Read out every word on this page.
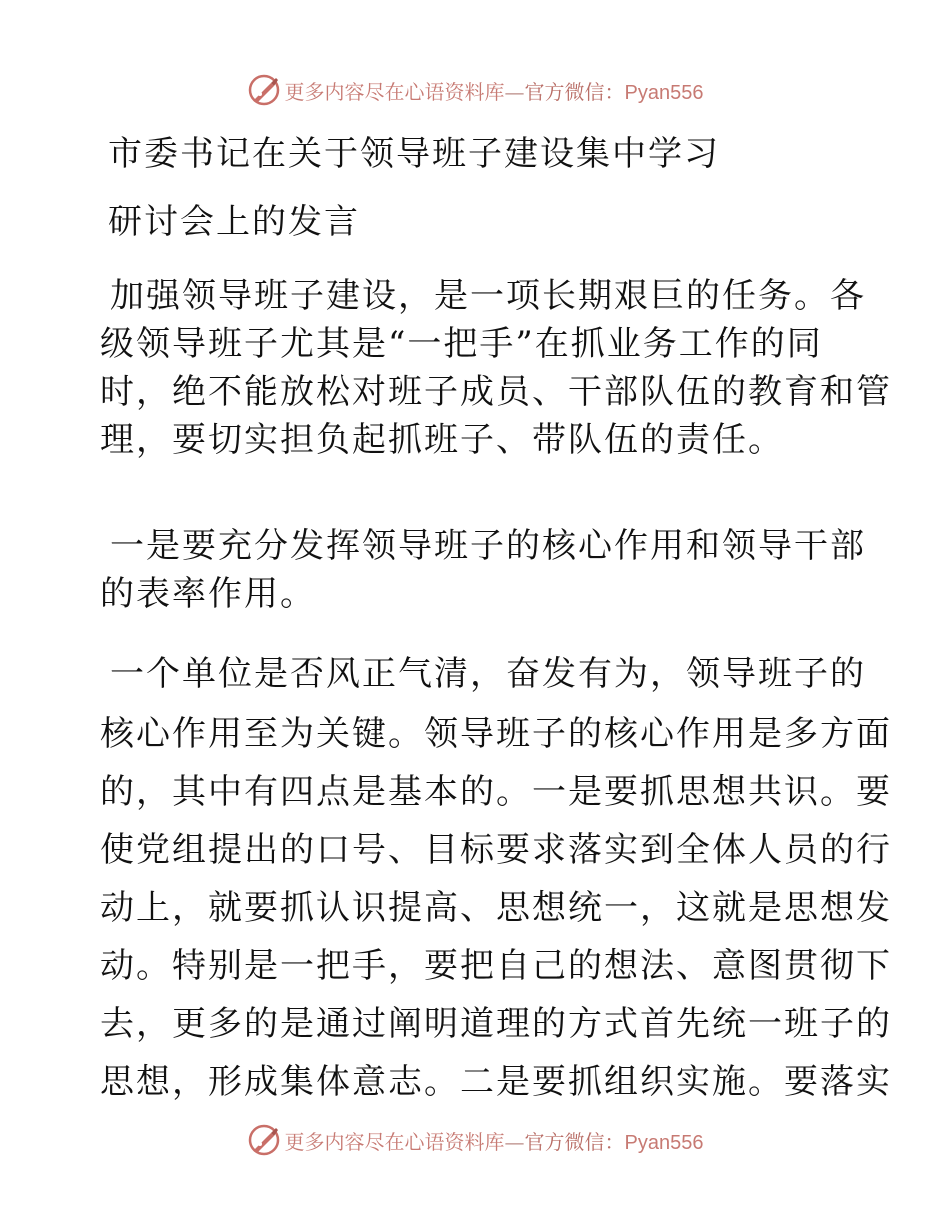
更多内容尽在心语资料库—官方微信：Pyan556
市委书记在关于领导班子建设集中学习
研讨会上的发言
加强领导班子建设，是一项长期艰巨的任务。各
级领导班子尤其是“一把手”在抓业务工作的同
时，绝不能放松对班子成员、干部队伍的教育和管
理，要切实担负起抓班子、带队伍的责任。
一是要充分发挥领导班子的核心作用和领导干部
的表率作用。
一个单位是否风正气清，奋发有为，领导班子的
核心作用至为关键。领导班子的核心作用是多方面
的，其中有四点是基本的。一是要抓思想共识。要
使党组提出的口号、目标要求落实到全体人员的行
动上，就要抓认识提高、思想统一，这就是思想发
动。特别是一把手，要把自己的想法、意图贯彻下
去，更多的是通过阐明道理的方式首先统一班子的
思想，形成集体意志。二是要抓组织实施。要落实
更多内容尽在心语资料库—官方微信：Pyan556
